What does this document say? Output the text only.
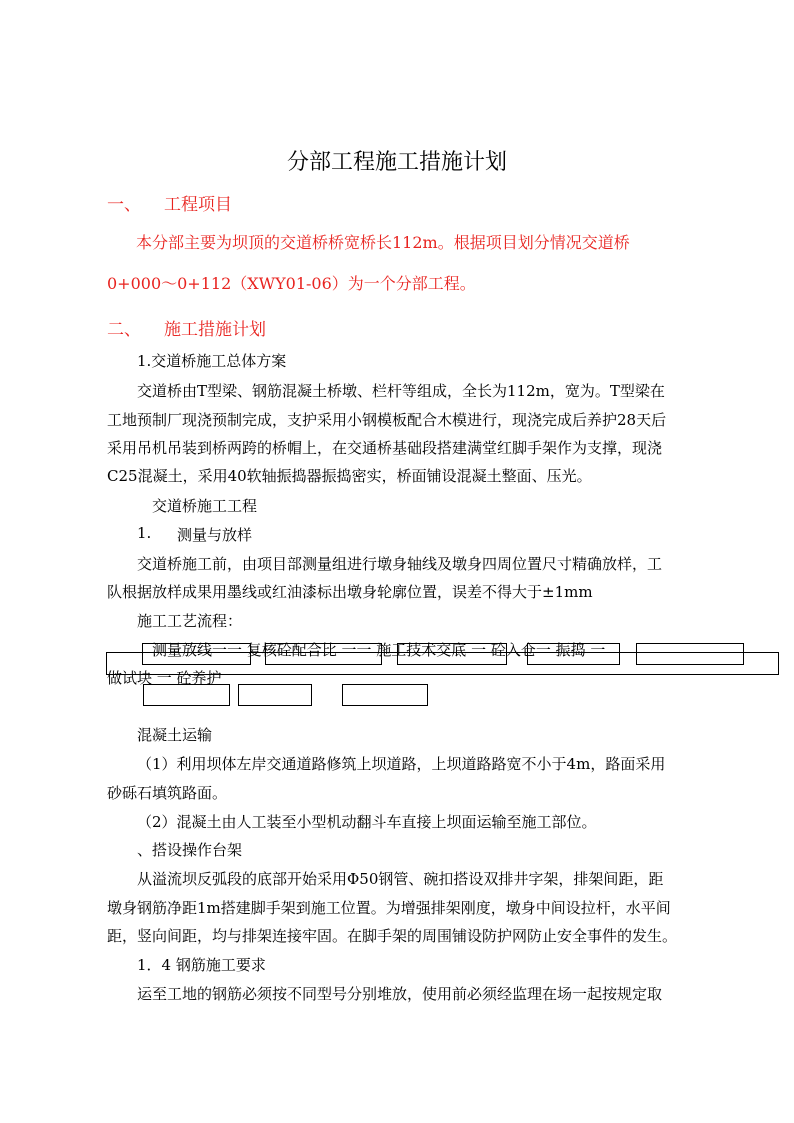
分部工程施工措施计划
一、 工程项目
本分部主要为坝顶的交道桥桥宽桥长112m。根据项目划分情况交道桥
0+000～0+112（XWY01-06）为一个分部工程。
二、 施工措施计划
1.交道桥施工总体方案
交道桥由T型梁、钢筋混凝土桥墩、栏杆等组成，全长为112m，宽为。T型梁在
工地预制厂现浇预制完成，支护采用小钢模板配合木模进行，现浇完成后养护28天后
采用吊机吊装到桥两跨的桥帽上，在交通桥基础段搭建满堂红脚手架作为支撑，现浇
C25混凝土，采用40软轴振捣器振捣密实，桥面铺设混凝土整面、压光。
交道桥施工工程
1. 测量与放样
交道桥施工前，由项目部测量组进行墩身轴线及墩身四周位置尺寸精确放样，工
队根据放样成果用墨线或红油漆标出墩身轮廓位置，误差不得大于±1mm
施工工艺流程：
测量放线一一 复核砼配合比 一一 施工技术交底 一 砼入仓一 振捣 一
做试块 一 砼养护
混凝土运输
（1）利用坝体左岸交通道路修筑上坝道路，上坝道路路宽不小于4m，路面采用
砂砾石填筑路面。
（2）混凝土由人工装至小型机动翻斗车直接上坝面运输至施工部位。
、搭设操作台架
从溢流坝反弧段的底部开始采用Φ50钢管、碗扣搭设双排井字架，排架间距，距
墩身钢筋净距1m搭建脚手架到施工位置。为增强排架刚度，墩身中间设拉杆，水平间
距，竖向间距，均与排架连接牢固。在脚手架的周围铺设防护网防止安全事件的发生。
1．4 钢筋施工要求
运至工地的钢筋必须按不同型号分别堆放，使用前必须经监理在场一起按规定取
